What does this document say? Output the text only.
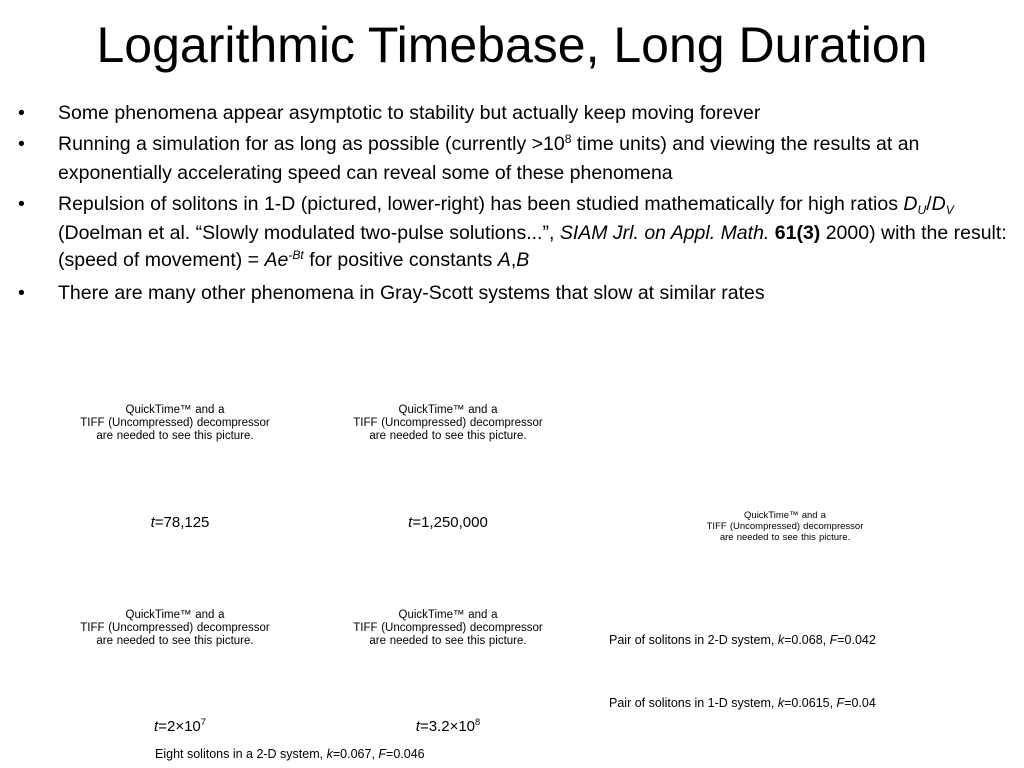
Logarithmic Timebase, Long Duration
• Some phenomena appear asymptotic to stability but actually keep moving forever
• Running a simulation for as long as possible (currently $>10^8$ time units) and viewing the results at an exponentially accelerating speed can reveal some of these phenomena
• Repulsion of solitons in 1-D (pictured, lower-right) has been studied mathematically for high ratios $D_U/D_V$ (Doelman et al. “Slowly modulated two-pulse solutions...”, SIAM Jrl. on Appl. Math. 61(3) 2000) with the result: (speed of movement) = $Ae^{-Bt}$ for positive constants A,B
• There are many other phenomena in Gray-Scott systems that slow at similar rates
QuickTime™ and a
TIFF (Uncompressed) decompressor
are needed to see this picture.
QuickTime™ and a
TIFF (Uncompressed) decompressor
are needed to see this picture.
QuickTime™ and a
TIFF (Uncompressed) decompressor
are needed to see this picture.
QuickTime™ and a
TIFF (Uncompressed) decompressor
are needed to see this picture.
QuickTime™ and a
TIFF (Uncompressed) decompressor
are needed to see this picture.
t=78,125	t=1,250,000
$t=2\times 10^7$	$t=3.2\times 10^8$
Eight solitons in a 2-D system, k=0.067, F=0.046
Pair of solitons in 2-D system, k=0.068, F=0.042
Pair of solitons in 1-D system, k=0.0615, F=0.04
